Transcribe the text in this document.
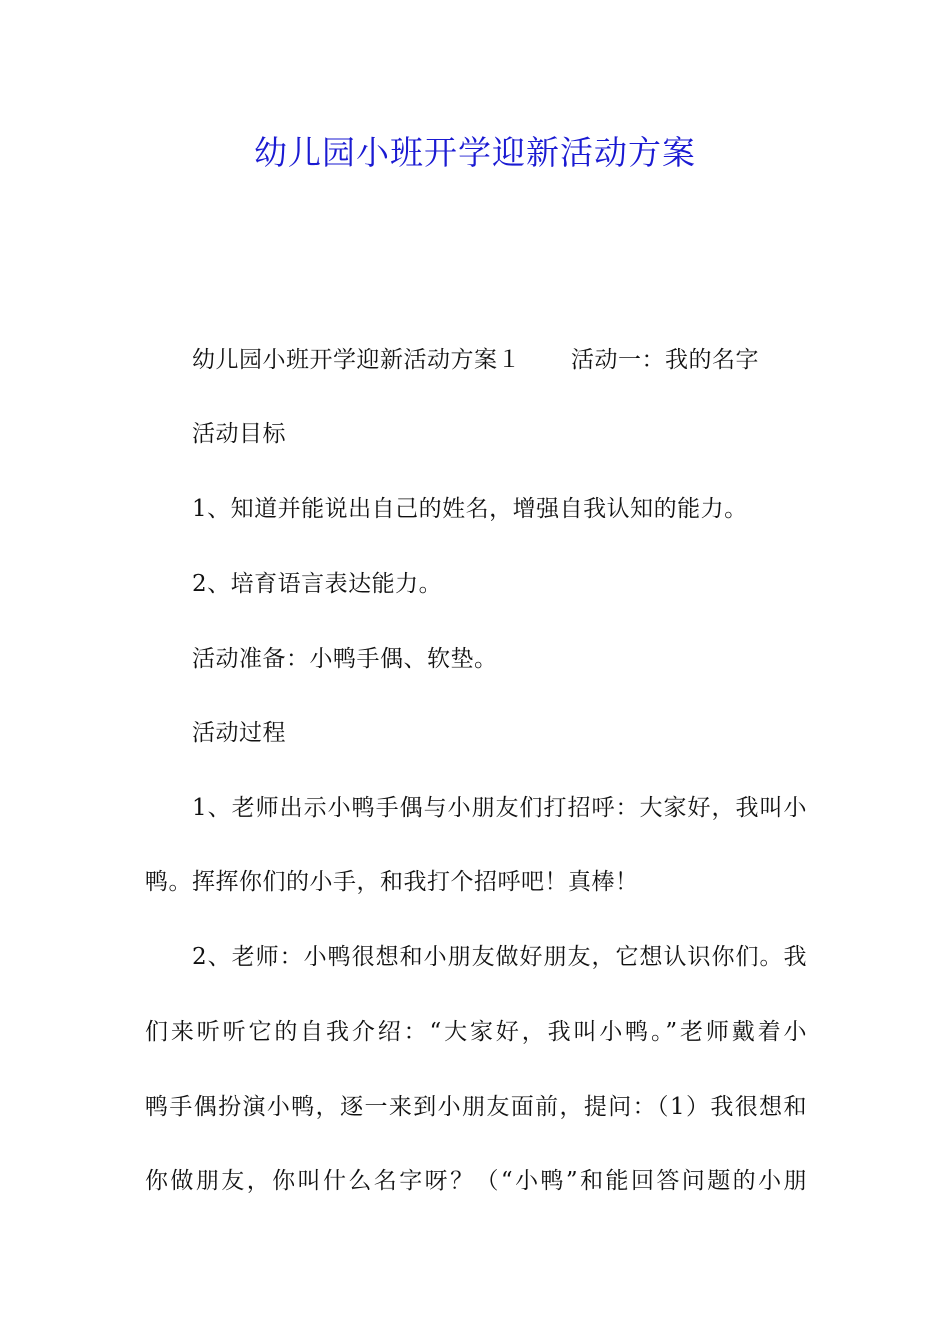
幼儿园小班开学迎新活动方案
幼儿园小班开学迎新活动方案１ 活动一：我的名字
活动目标
1、知道并能说出自己的姓名，增强自我认知的能力。
2、培育语言表达能力。
活动准备：小鸭手偶、软垫。
活动过程
1、老师出示小鸭手偶与小朋友们打招呼：大家好，我叫小
鸭。挥挥你们的小手，和我打个招呼吧！真棒！
2、老师：小鸭很想和小朋友做好朋友，它想认识你们。我
们来听听它的自我介绍：“大家好，我叫小鸭。”老师戴着小
鸭手偶扮演小鸭，逐一来到小朋友面前，提问：（1）我很想和
你做朋友，你叫什么名字呀？（“小鸭”和能回答问题的小朋
